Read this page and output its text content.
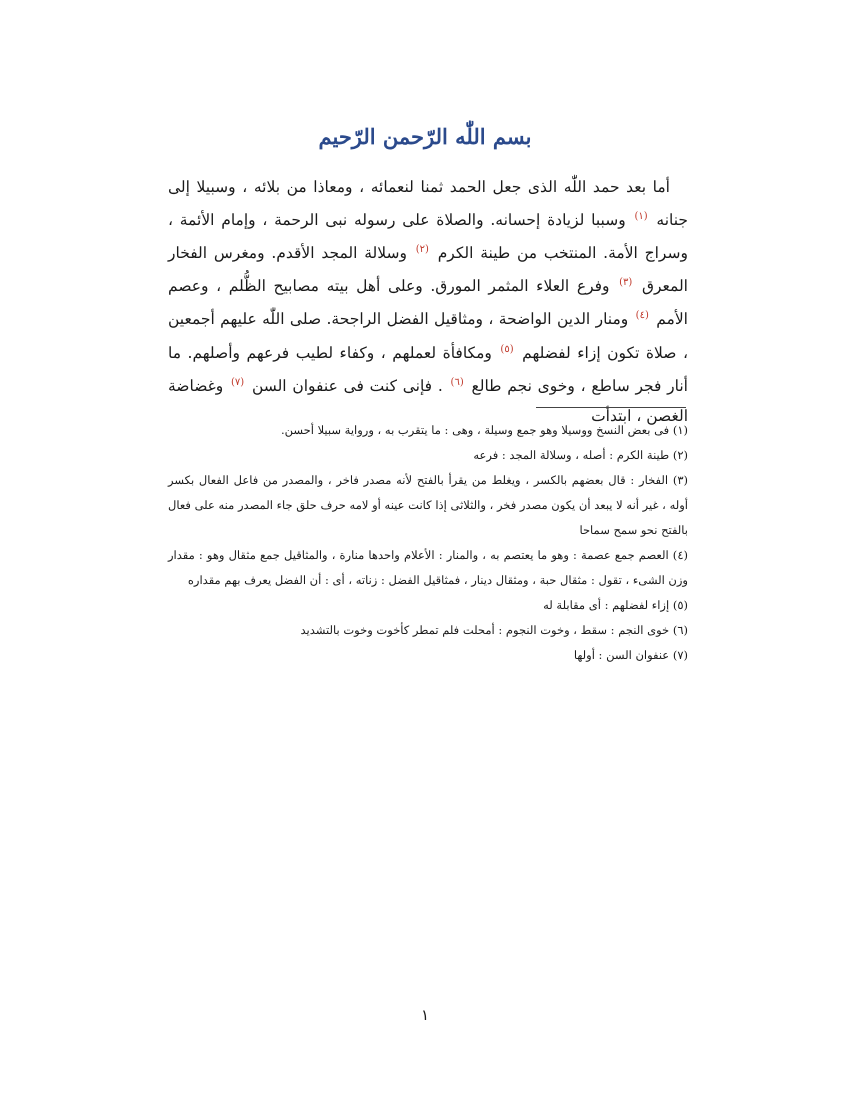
بسم اللّٰه الرّحمن الرّحيم

أما بعد حمد اللّٰه الذى جعل الحمد ثمنا لنعمائه ، ومعاذا من بلائه ، وسبيلا إلى جنانه $^{(١)}$ وسببا لزيادة إحسانه. والصلاة على رسوله نبى الرحمة ، وإمام الأئمة ، وسراج الأمة. المنتخب من طينة الكرم $^{(٢)}$ وسلالة المجد الأقدم. ومغرس الفخار المعرق $^{(٣)}$ وفرع العلاء المثمر المورق. وعلى أهل بيته مصابيح الظُّلم ، وعصم الأمم $^{(٤)}$ ومنار الدين الواضحة ، ومثاقيل الفضل الراجحة. صلى اللّٰه عليهم أجمعين ، صلاة تكون إزاء لفضلهم $^{(٥)}$ ومكافأة لعملهم ، وكفاء لطيب فرعهم وأصلهم. ما أنار فجر ساطع ، وخوى نجم طالع $^{(٦)}$ . فإنى كنت فى عنفوان السن $^{(٧)}$ وغضاضة الغصن ، ابتدأت

(١) فى بعض النسخ ووسيلا وهو جمع وسيلة ، وهى : ما يتقرب به ، ورواية سبيلا أحسن.
(٢) طينة الكرم : أصله ، وسلالة المجد : فرعه
(٣) الفخار : قال بعضهم بالكسر ، ويغلط من يقرأ بالفتح لأنه مصدر فاخر ، والمصدر من فاعل الفعال بكسر أوله ، غير أنه لا يبعد أن يكون مصدر فخر ، والثلاثى إذا كانت عينه أو لامه حرف حلق جاء المصدر منه على فعال بالفتح نحو سمح سماحا
(٤) العصم جمع عصمة : وهو ما يعتصم به ، والمنار : الأعلام واحدها منارة ، والمثاقيل جمع مثقال وهو : مقدار وزن الشىء ، تقول : مثقال حبة ، ومثقال دينار ، فمثاقيل الفضل : زناته ، أى : أن الفضل يعرف بهم مقداره
(٥) إزاء لفضلهم : أى مقابلة له
(٦) خوى النجم : سقط ، وخوت النجوم : أمحلت فلم تمطر كأخوت وخوت بالتشديد
(٧) عنفوان السن : أولها
١
